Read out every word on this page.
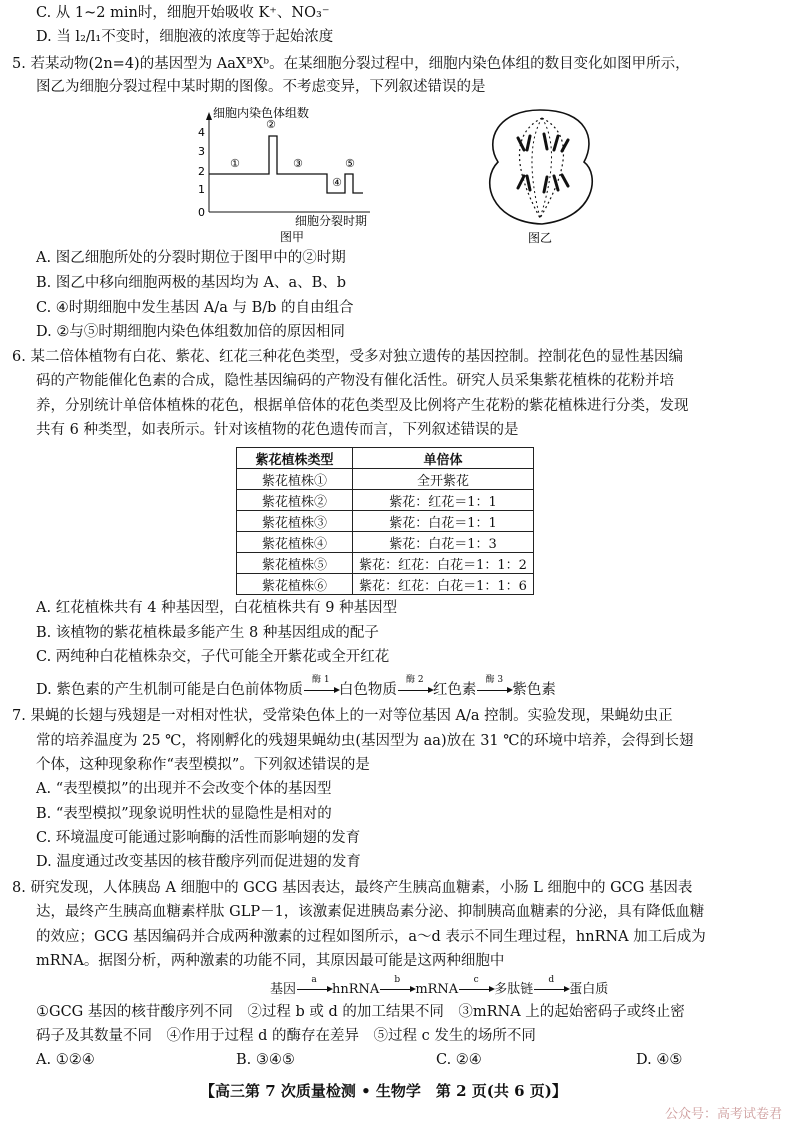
C. 从 1~2 min时，细胞开始吸收 K⁺、NO₃⁻
D. 当 l₂/l₁不变时，细胞液的浓度等于起始浓度
5. 若某动物(2n=4)的基因型为 AaXᴮXᵇ。在某细胞分裂过程中，细胞内染色体组的数目变化如图甲所示，
图乙为细胞分裂过程中某时期的图像。不考虑变异，下列叙述错误的是
细胞内染色体组数
4
3
2
1
0
①
②
③
④
⑤
细胞分裂时期
图甲	图乙
A. 图乙细胞所处的分裂时期位于图甲中的②时期
B. 图乙中移向细胞两极的基因均为 A、a、B、b
C. ④时期细胞中发生基因 A/a 与 B/b 的自由组合
D. ②与⑤时期细胞内染色体组数加倍的原因相同
6. 某二倍体植物有白花、紫花、红花三种花色类型，受多对独立遗传的基因控制。控制花色的显性基因编
码的产物能催化色素的合成，隐性基因编码的产物没有催化活性。研究人员采集紫花植株的花粉并培
养，分别统计单倍体植株的花色，根据单倍体的花色类型及比例将产生花粉的紫花植株进行分类，发现
共有 6 种类型，如表所示。针对该植物的花色遗传而言，下列叙述错误的是
紫花植株类型	单倍体
紫花植株①	全开紫花
紫花植株②	紫花：红花＝1：1
紫花植株③	紫花：白花＝1：1
紫花植株④	紫花：白花＝1：3
紫花植株⑤	紫花：红花：白花＝1：1：2
紫花植株⑥	紫花：红花：白花＝1：1：6
A. 红花植株共有 4 种基因型，白花植株共有 9 种基因型
B. 该植物的紫花植株最多能产生 8 种基因组成的配子
C. 两纯种白花植株杂交，子代可能全开紫花或全开红花
D. 紫色素的产生机制可能是白色前体物质
酶 1
白色物质
酶 2
红色素
酶 3
紫色素
7. 果蝇的长翅与残翅是一对相对性状，受常染色体上的一对等位基因 A/a 控制。实验发现，果蝇幼虫正
常的培养温度为 25 ℃，将刚孵化的残翅果蝇幼虫(基因型为 aa)放在 31 ℃的环境中培养，会得到长翅
个体，这种现象称作“表型模拟”。下列叙述错误的是
A. “表型模拟”的出现并不会改变个体的基因型
B. “表型模拟”现象说明性状的显隐性是相对的
C. 环境温度可能通过影响酶的活性而影响翅的发育
D. 温度通过改变基因的核苷酸序列而促进翅的发育
8. 研究发现，人体胰岛 A 细胞中的 GCG 基因表达，最终产生胰高血糖素，小肠 L 细胞中的 GCG 基因表
达，最终产生胰高血糖素样肽 GLP－1，该激素促进胰岛素分泌、抑制胰高血糖素的分泌，具有降低血糖
的效应；GCG 基因编码并合成两种激素的过程如图所示，a～d 表示不同生理过程，hnRNA 加工后成为
mRNA。据图分析，两种激素的功能不同，其原因最可能是这两种细胞中
基因
a
hnRNA
b
mRNA
c
多肽链
d
蛋白质
①GCG 基因的核苷酸序列不同　②过程 b 或 d 的加工结果不同　③mRNA 上的起始密码子或终止密
码子及其数量不同　④作用于过程 d 的酶存在差异　⑤过程 c 发生的场所不同
A. ①②④	B. ③④⑤	C. ②④	D. ④⑤
【高三第 7 次质量检测 • 生物学　第 2 页(共 6 页)】
公众号：高考试卷君
